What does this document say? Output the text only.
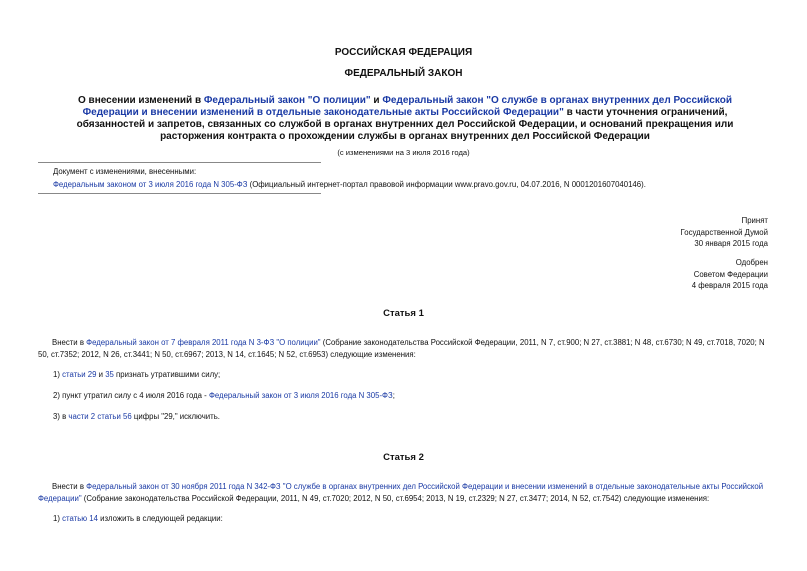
РОССИЙСКАЯ ФЕДЕРАЦИЯ
ФЕДЕРАЛЬНЫЙ ЗАКОН
О внесении изменений в Федеральный закон "О полиции" и Федеральный закон "О службе в органах внутренних дел Российской Федерации и внесении изменений в отдельные законодательные акты Российской Федерации" в части уточнения ограничений, обязанностей и запретов, связанных со службой в органах внутренних дел Российской Федерации, и оснований прекращения или расторжения контракта о прохождении службы в органах внутренних дел Российской Федерации
(с изменениями на 3 июля 2016 года)
Документ с изменениями, внесенными:
Федеральным законом от 3 июля 2016 года N 305-ФЗ (Официальный интернет-портал правовой информации www.pravo.gov.ru, 04.07.2016, N 0001201607040146).
Принят
Государственной Думой
30 января 2015 года
Одобрен
Советом Федерации
4 февраля 2015 года
Статья 1
Внести в Федеральный закон от 7 февраля 2011 года N 3-ФЗ "О полиции" (Собрание законодательства Российской Федерации, 2011, N 7, ст.900; N 27, ст.3881; N 48, ст.6730; N 49, ст.7018, 7020; N 50, ст.7352; 2012, N 26, ст.3441; N 50, ст.6967; 2013, N 14, ст.1645; N 52, ст.6953) следующие изменения:
1) статьи 29 и 35 признать утратившими силу;
2) пункт утратил силу с 4 июля 2016 года - Федеральный закон от 3 июля 2016 года N 305-ФЗ;
3) в части 2 статьи 56 цифры "29," исключить.
Статья 2
Внести в Федеральный закон от 30 ноября 2011 года N 342-ФЗ "О службе в органах внутренних дел Российской Федерации и внесении изменений в отдельные законодательные акты Российской Федерации" (Собрание законодательства Российской Федерации, 2011, N 49, ст.7020; 2012, N 50, ст.6954; 2013, N 19, ст.2329; N 27, ст.3477; 2014, N 52, ст.7542) следующие изменения:
1) статью 14 изложить в следующей редакции:
